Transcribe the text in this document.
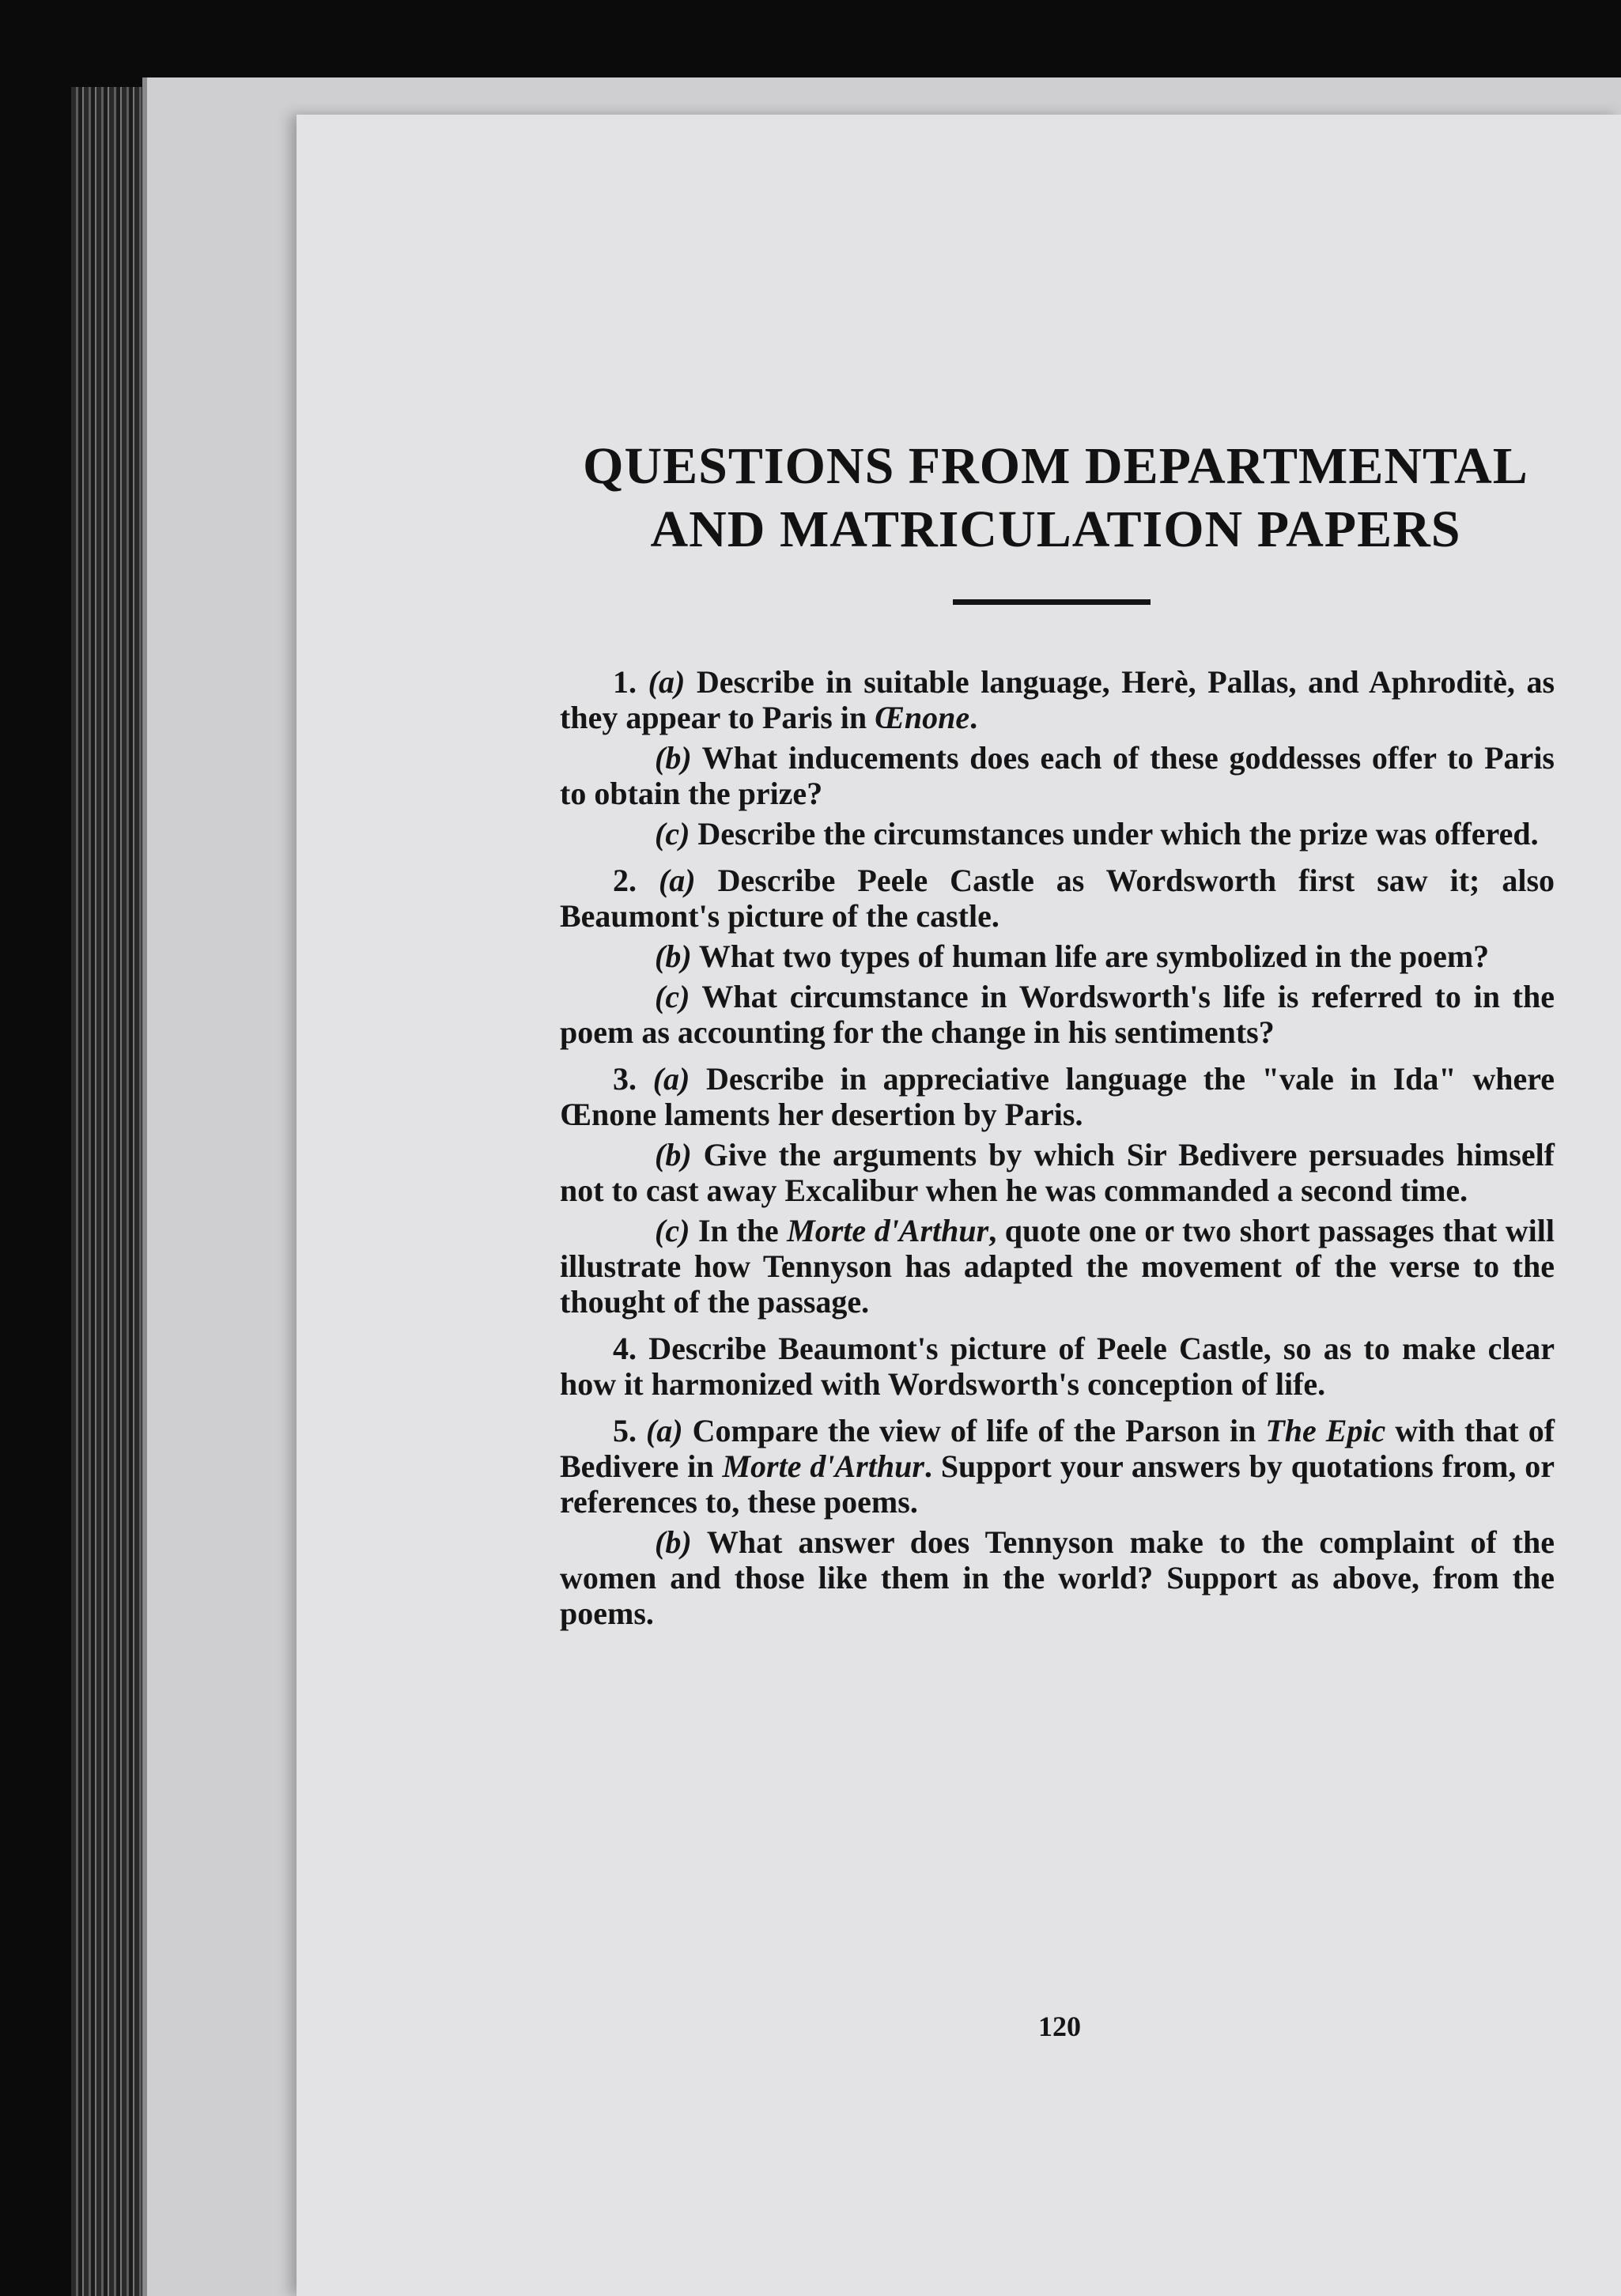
QUESTIONS FROM DEPARTMENTAL
AND MATRICULATION PAPERS

1. (a) Describe in suitable language, Herè, Pallas, and Aphroditè, as they appear to Paris in Œnone.

(b) What inducements does each of these goddesses offer to Paris to obtain the prize?

(c) Describe the circumstances under which the prize was offered.

2. (a) Describe Peele Castle as Wordsworth first saw it; also Beaumont's picture of the castle.

(b) What two types of human life are symbolized in the poem?

(c) What circumstance in Wordsworth's life is referred to in the poem as accounting for the change in his sentiments?

3. (a) Describe in appreciative language the "vale in Ida" where Œnone laments her desertion by Paris.

(b) Give the arguments by which Sir Bedivere persuades himself not to cast away Excalibur when he was commanded a second time.

(c) In the Morte d'Arthur, quote one or two short passages that will illustrate how Tennyson has adapted the movement of the verse to the thought of the passage.

4. Describe Beaumont's picture of Peele Castle, so as to make clear how it harmonized with Wordsworth's conception of life.

5. (a) Compare the view of life of the Parson in The Epic with that of Bedivere in Morte d'Arthur. Support your answers by quotations from, or references to, these poems.

(b) What answer does Tennyson make to the complaint of the women and those like them in the world? Support as above, from the poems.

120
